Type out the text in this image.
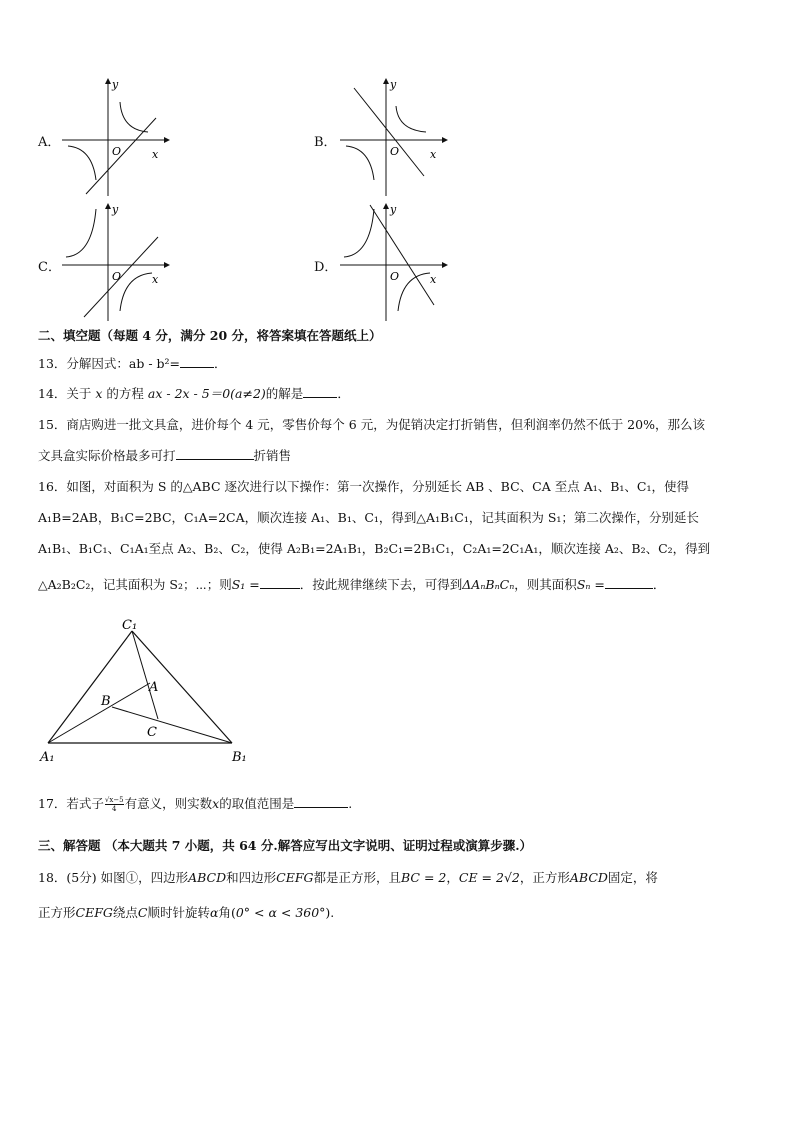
A．
y
x
O
B．
y
x
O
C．
y
x
O
D．
y
x
O
二、填空题（每题 4 分，满分 20 分，将答案填在答题纸上）
13．分解因式：ab - b²=	．
14．关于 x 的方程 ax - 2x - 5＝0(a≠2)的解是	．
15．商店购进一批文具盒，进价每个 4 元，零售价每个 6 元，为促销决定打折销售，但利润率仍然不低于 20%，那么该
文具盒实际价格最多可打	折销售
16．如图，对面积为 S 的△ABC 逐次进行以下操作：第一次操作，分别延长 AB 、BC、CA 至点 A₁、B₁、C₁，使得
A₁B=2AB，B₁C=2BC，C₁A=2CA，顺次连接 A₁、B₁、C₁，得到△A₁B₁C₁，记其面积为 S₁；第二次操作，分别延长
A₁B₁、B₁C₁、C₁A₁至点 A₂、B₂、C₂，使得 A₂B₁=2A₁B₁，B₂C₁=2B₁C₁，C₂A₁=2C₁A₁，顺次连接 A₂、B₂、C₂，得到
△A₂B₂C₂，记其面积为 S₂；⋯；则S₁ =	．按此规律继续下去，可得到ΔAₙBₙCₙ，则其面积Sₙ =	．
C₁
A
B
C
A₁	B₁
17．若式子 $\frac{√x-5}{4}$ 有意义，则实数x的取值范围是	.
三、解答题 （本大题共 7 小题，共 64 分.解答应写出文字说明、证明过程或演算步骤.）
18．(5分) 如图①，四边形ABCD和四边形CEFG都是正方形，且BC = 2，CE = 2√2，正方形ABCD固定，将
正方形CEFG绕点C顺时针旋转α角(0° < α < 360°).
